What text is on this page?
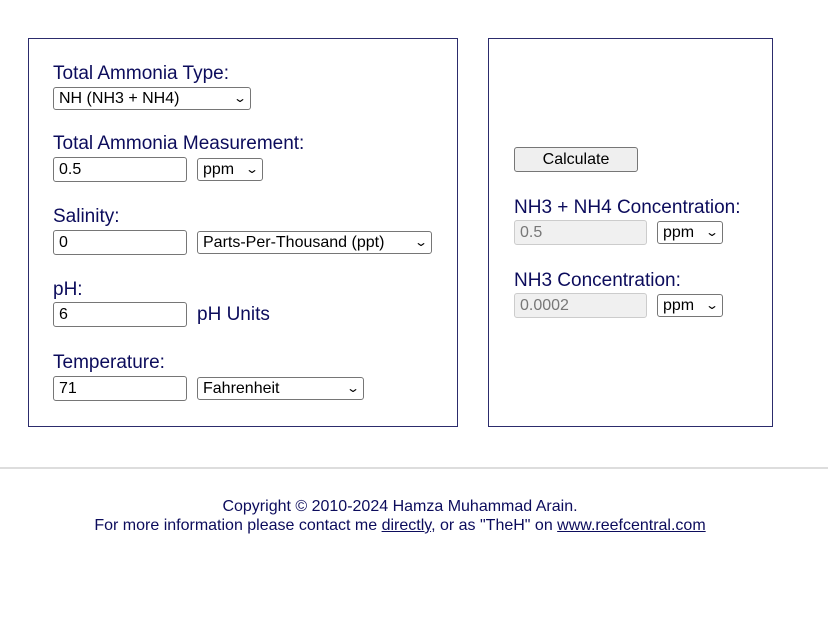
Total Ammonia Type:
NH (NH3 + NH4)	⌄
Total Ammonia Measurement:
0.5	ppm ⌄
Salinity:
0	Parts-Per-Thousand (ppt) ⌄
pH:
6	pH Units
Temperature:
71	Fahrenheit	⌄
Calculate
NH3 + NH4 Concentration:
0.5	ppm ⌄
NH3 Concentration:
0.0002	ppm ⌄
Copyright © 2010-2024 Hamza Muhammad Arain.
For more information please contact me directly, or as "TheH" on www.reefcentral.com
